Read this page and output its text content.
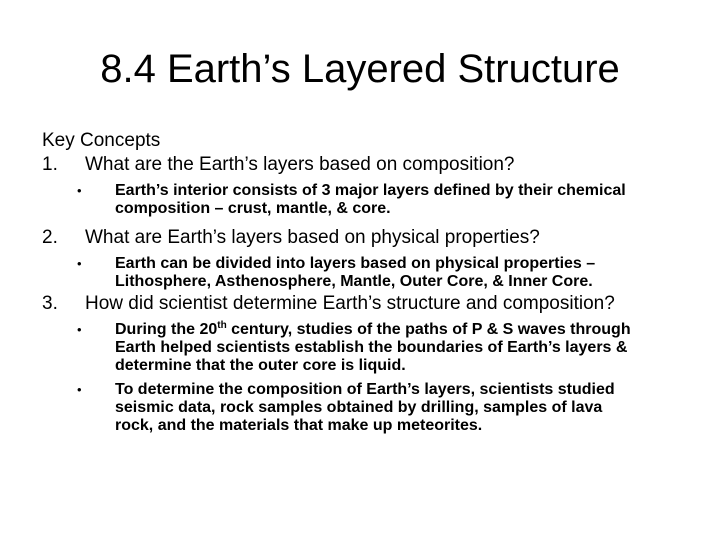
8.4 Earth’s Layered Structure
Key Concepts
1. What are the Earth’s layers based on composition?
• Earth’s interior consists of 3 major layers defined by their chemical
composition – crust, mantle, & core.
2. What are Earth’s layers based on physical properties?
• Earth can be divided into layers based on physical properties –
Lithosphere, Asthenosphere, Mantle, Outer Core, & Inner Core.
3. How did scientist determine Earth’s structure and composition?
• During the 20th century, studies of the paths of P & S waves through
Earth helped scientists establish the boundaries of Earth’s layers &
determine that the outer core is liquid.
• To determine the composition of Earth’s layers, scientists studied
seismic data, rock samples obtained by drilling, samples of lava
rock, and the materials that make up meteorites.
